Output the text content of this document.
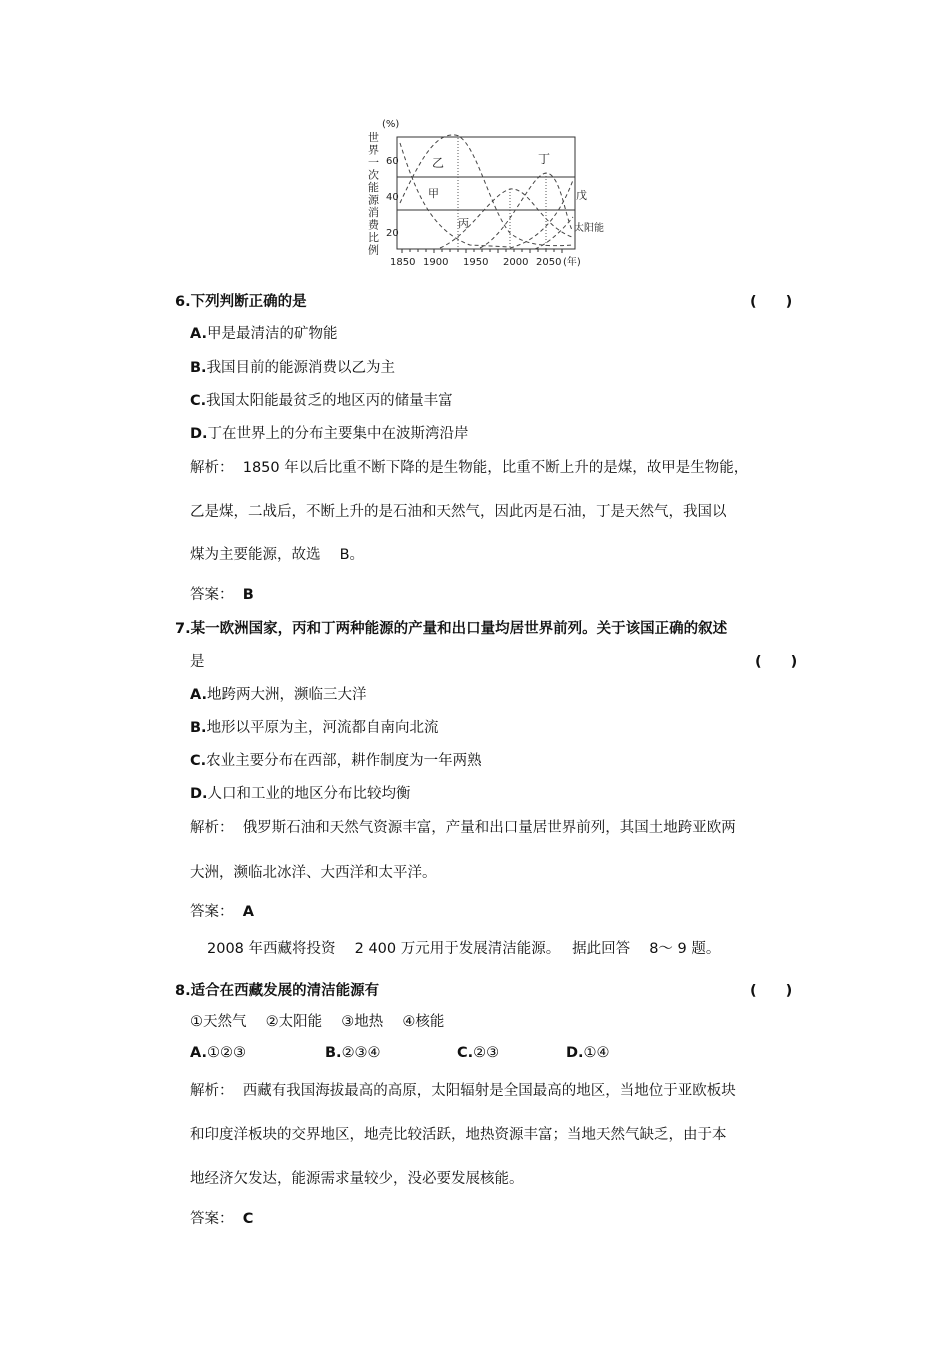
(%)
世
界
一
次
能
源
消
费
比
例
60
40
20
1850 1900 1950 2000 2050 (年)
乙
甲
丙
丁
戊
太阳能
6.下列判断正确的是	(　　)
A.甲是最清洁的矿物能
B.我国目前的能源消费以乙为主
C.我国太阳能最贫乏的地区丙的储量丰富
D.丁在世界上的分布主要集中在波斯湾沿岸
解析： 1850 年以后比重不断下降的是生物能，比重不断上升的是煤，故甲是生物能，
乙是煤，二战后，不断上升的是石油和天然气，因此丙是石油，丁是天然气，我国以
煤为主要能源，故选　 B。
答案： B
7.某一欧洲国家，丙和丁两种能源的产量和出口量均居世界前列。关于该国正确的叙述
是	(　　)
A.地跨两大洲，濒临三大洋
B.地形以平原为主，河流都自南向北流
C.农业主要分布在西部，耕作制度为一年两熟
D.人口和工业的地区分布比较均衡
解析： 俄罗斯石油和天然气资源丰富，产量和出口量居世界前列，其国土地跨亚欧两
大洲，濒临北冰洋、大西洋和太平洋。
答案： A
2008 年西藏将投资　 2 400 万元用于发展清洁能源。　 据此回答　 8～ 9 题。
8.适合在西藏发展的清洁能源有	(　　)
①天然气　 ②太阳能　 ③地热　 ④核能
A.①②③	B.②③④	C.②③	D.①④
解析： 西藏有我国海拔最高的高原，太阳辐射是全国最高的地区，当地位于亚欧板块
和印度洋板块的交界地区，地壳比较活跃，地热资源丰富；当地天然气缺乏，由于本
地经济欠发达，能源需求量较少，没必要发展核能。
答案： C
